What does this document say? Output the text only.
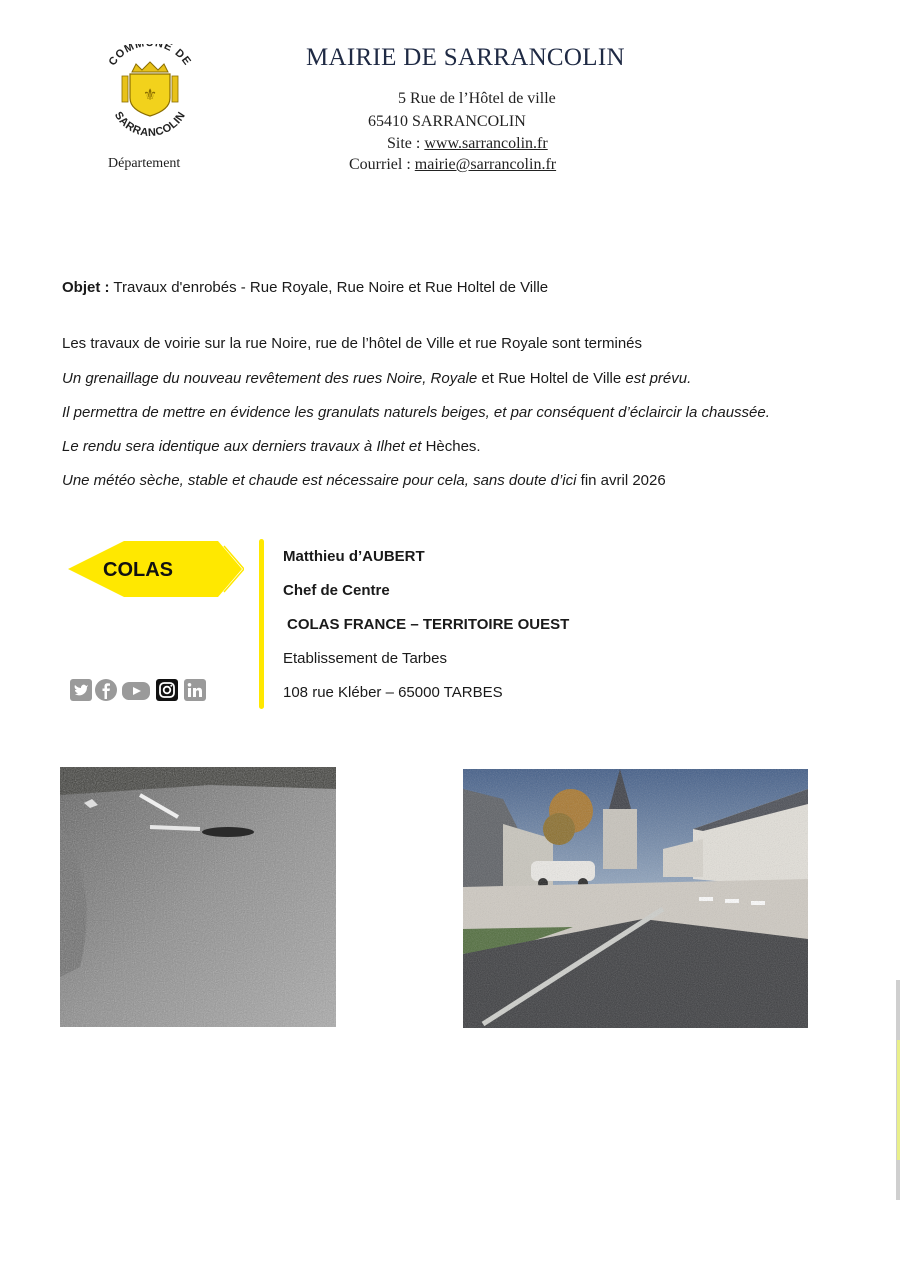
COMM NE DE
SARRANCOLIN
⚜
Département
MAIRIE DE SARRANCOLIN
5 Rue de l’Hôtel de ville
65410 SARRANCOLIN
Site : www.sarrancolin.fr
Courriel : mairie@sarrancolin.fr
Objet : Travaux d'enrobés - Rue Royale, Rue Noire et Rue Holtel de Ville
Les travaux de voirie sur la rue Noire, rue de l’hôtel de Ville et rue Royale sont terminés
Un grenaillage du nouveau revêtement des rues Noire, Royale et Rue Holtel de Ville est prévu.
Il permettra de mettre en évidence les granulats naturels beiges, et par conséquent d’éclaircir la chaussée.
Le rendu sera identique aux derniers travaux à Ilhet et Hèches.
Une météo sèche, stable et chaude est nécessaire pour cela, sans doute d’ici fin avril 2026
COLAS
Matthieu d’AUBERT
Chef de Centre
COLAS FRANCE – TERRITOIRE OUEST
Etablissement de Tarbes
108 rue Kléber – 65000 TARBES
